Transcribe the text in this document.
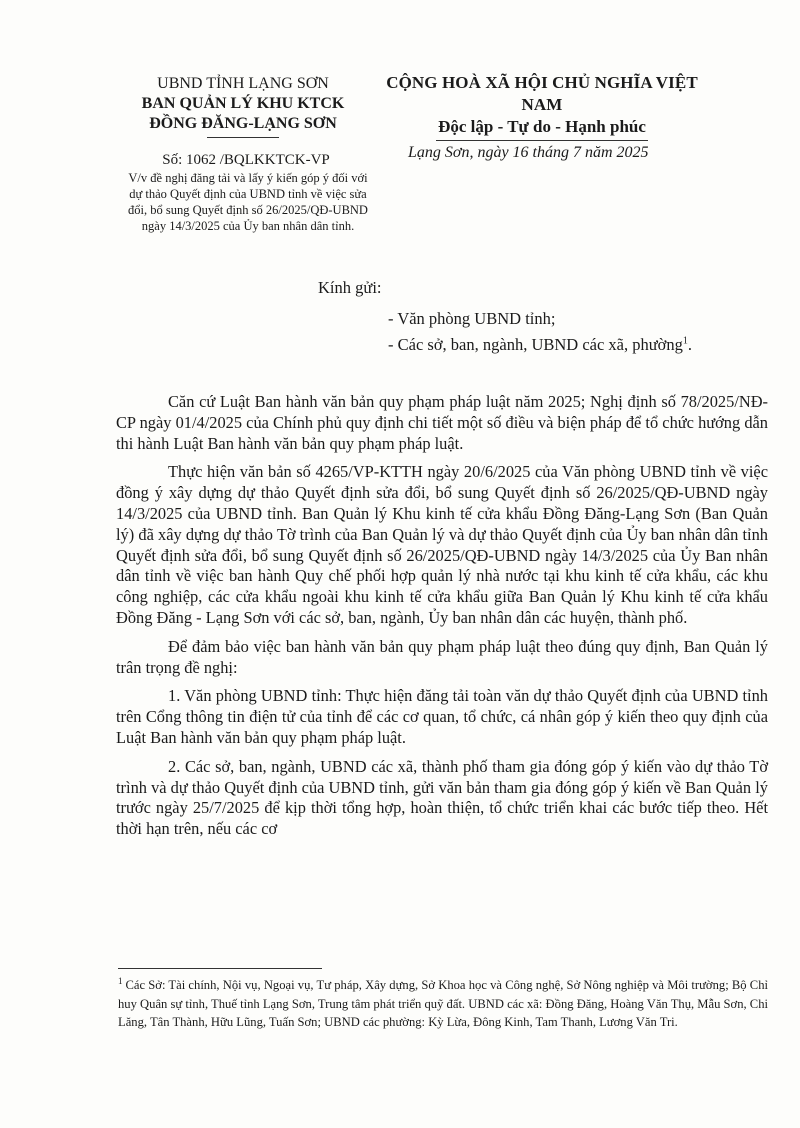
UBND TỈNH LẠNG SƠN
BAN QUẢN LÝ KHU KTCK
ĐỒNG ĐĂNG-LẠNG SƠN
CỘNG HOÀ XÃ HỘI CHỦ NGHĨA VIỆT NAM
Độc lập - Tự do - Hạnh phúc
Số: 1062 /BQLKKTCK-VP
V/v đề nghị đăng tải và lấy ý kiến góp ý đối với dự thảo Quyết định của UBND tỉnh về việc sửa đổi, bổ sung Quyết định số 26/2025/QĐ-UBND ngày 14/3/2025 của Ủy ban nhân dân tỉnh.
Lạng Sơn, ngày 16 tháng 7 năm 2025
Kính gửi:
- Văn phòng UBND tỉnh;
- Các sở, ban, ngành, UBND các xã, phường$^1$.

Căn cứ Luật Ban hành văn bản quy phạm pháp luật năm 2025; Nghị định số 78/2025/NĐ-CP ngày 01/4/2025 của Chính phủ quy định chi tiết một số điều và biện pháp để tổ chức hướng dẫn thi hành Luật Ban hành văn bản quy phạm pháp luật.

Thực hiện văn bản số 4265/VP-KTTH ngày 20/6/2025 của Văn phòng UBND tỉnh về việc đồng ý xây dựng dự thảo Quyết định sửa đổi, bổ sung Quyết định số 26/2025/QĐ-UBND ngày 14/3/2025 của UBND tỉnh. Ban Quản lý Khu kinh tế cửa khẩu Đồng Đăng-Lạng Sơn (Ban Quản lý) đã xây dựng dự thảo Tờ trình của Ban Quản lý và dự thảo Quyết định của Ủy ban nhân dân tỉnh Quyết định sửa đổi, bổ sung Quyết định số 26/2025/QĐ-UBND ngày 14/3/2025 của Ủy Ban nhân dân tỉnh về việc ban hành Quy chế phối hợp quản lý nhà nước tại khu kinh tế cửa khẩu, các khu công nghiệp, các cửa khẩu ngoài khu kinh tế cửa khẩu giữa Ban Quản lý Khu kinh tế cửa khẩu Đồng Đăng - Lạng Sơn với các sở, ban, ngành, Ủy ban nhân dân các huyện, thành phố.

Để đảm bảo việc ban hành văn bản quy phạm pháp luật theo đúng quy định, Ban Quản lý trân trọng đề nghị:

1. Văn phòng UBND tỉnh: Thực hiện đăng tải toàn văn dự thảo Quyết định của UBND tỉnh trên Cổng thông tin điện tử của tỉnh để các cơ quan, tổ chức, cá nhân góp ý kiến theo quy định của Luật Ban hành văn bản quy phạm pháp luật.

2. Các sở, ban, ngành, UBND các xã, thành phố tham gia đóng góp ý kiến vào dự thảo Tờ trình và dự thảo Quyết định của UBND tỉnh, gửi văn bản tham gia đóng góp ý kiến về Ban Quản lý trước ngày 25/7/2025 để kịp thời tổng hợp, hoàn thiện, tổ chức triển khai các bước tiếp theo. Hết thời hạn trên, nếu các cơ

$^1$ Các Sở: Tài chính, Nội vụ, Ngoại vụ, Tư pháp, Xây dựng, Sở Khoa học và Công nghệ, Sở Nông nghiệp và Môi trường; Bộ Chỉ huy Quân sự tỉnh, Thuế tỉnh Lạng Sơn, Trung tâm phát triển quỹ đất. UBND các xã: Đồng Đăng, Hoàng Văn Thụ, Mẫu Sơn, Chi Lăng, Tân Thành, Hữu Lũng, Tuấn Sơn; UBND các phường: Kỳ Lừa, Đông Kinh, Tam Thanh, Lương Văn Tri.
